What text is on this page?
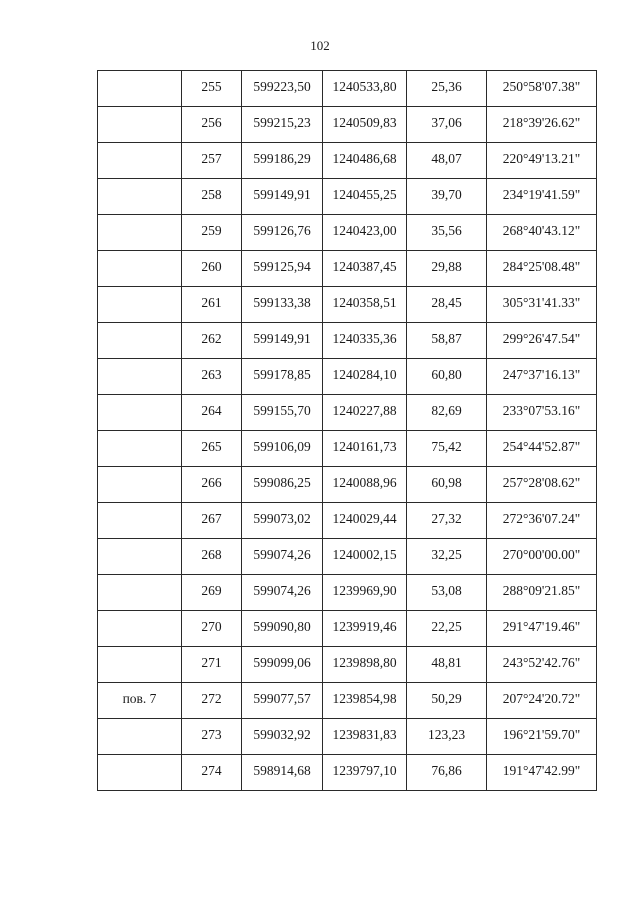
102
	255	599223,50	1240533,80	25,36	250°58'07.38"
	256	599215,23	1240509,83	37,06	218°39'26.62"
	257	599186,29	1240486,68	48,07	220°49'13.21"
	258	599149,91	1240455,25	39,70	234°19'41.59"
	259	599126,76	1240423,00	35,56	268°40'43.12"
	260	599125,94	1240387,45	29,88	284°25'08.48"
	261	599133,38	1240358,51	28,45	305°31'41.33"
	262	599149,91	1240335,36	58,87	299°26'47.54"
	263	599178,85	1240284,10	60,80	247°37'16.13"
	264	599155,70	1240227,88	82,69	233°07'53.16"
	265	599106,09	1240161,73	75,42	254°44'52.87"
	266	599086,25	1240088,96	60,98	257°28'08.62"
	267	599073,02	1240029,44	27,32	272°36'07.24"
	268	599074,26	1240002,15	32,25	270°00'00.00"
	269	599074,26	1239969,90	53,08	288°09'21.85"
	270	599090,80	1239919,46	22,25	291°47'19.46"
	271	599099,06	1239898,80	48,81	243°52'42.76"
пов. 7	272	599077,57	1239854,98	50,29	207°24'20.72"
	273	599032,92	1239831,83	123,23	196°21'59.70"
	274	598914,68	1239797,10	76,86	191°47'42.99"
